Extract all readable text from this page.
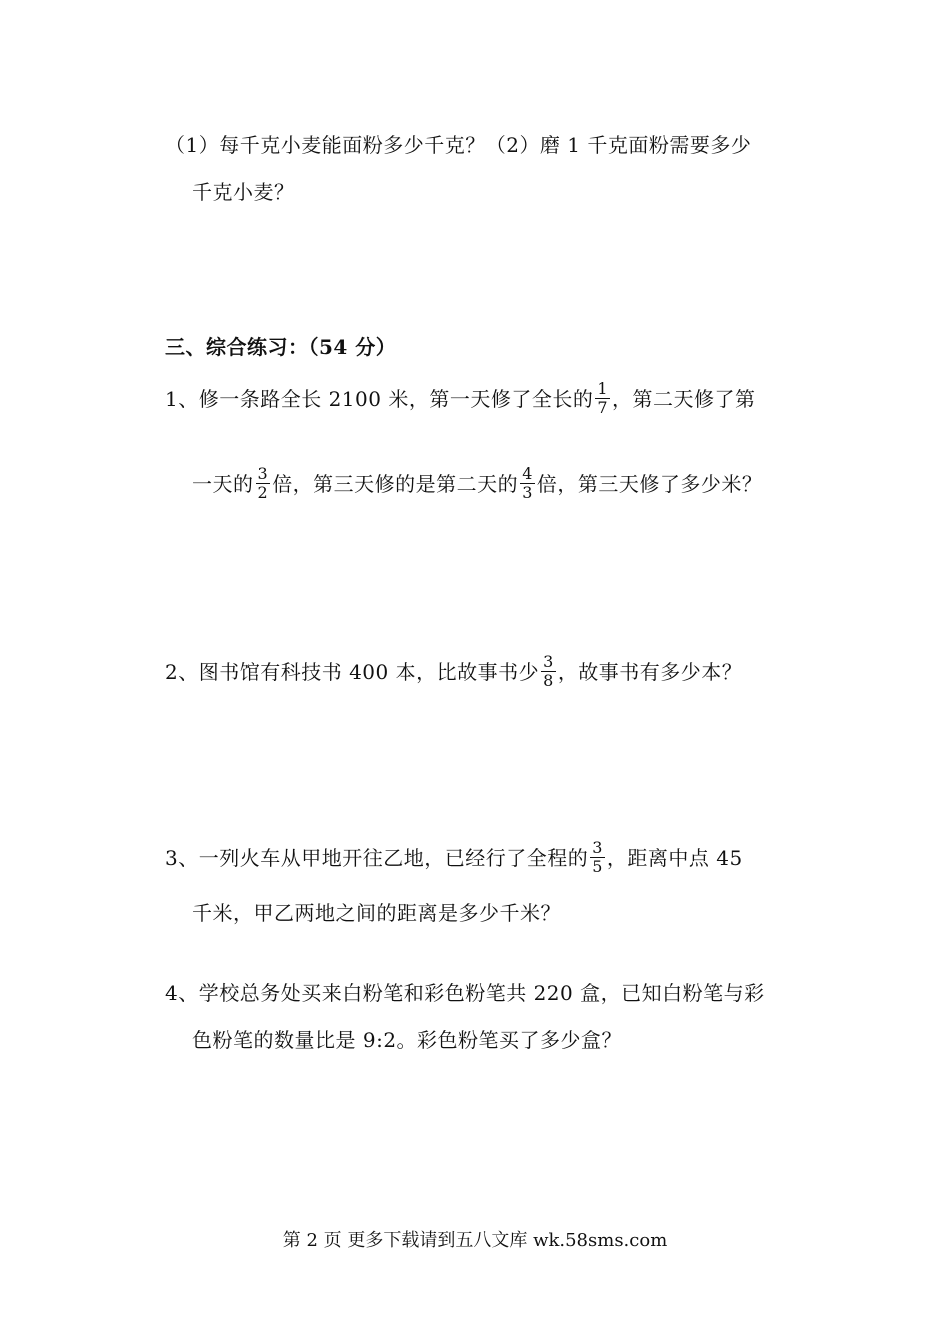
（1）每千克小麦能面粉多少千克？（2）磨 1 千克面粉需要多少
千克小麦？
三、综合练习：（54 分）
1、修一条路全长 2100 米，第一天修了全长的 $\frac{1}{7}$ ，第二天修了第
一天的 $\frac{3}{2}$ 倍，第三天修的是第二天的 $\frac{4}{3}$ 倍，第三天修了多少米？
2、图书馆有科技书 400 本，比故事书少 $\frac{3}{8}$ ，故事书有多少本？
3、一列火车从甲地开往乙地，已经行了全程的 $\frac{3}{5}$ ，距离中点 45
千米，甲乙两地之间的距离是多少千米？
4、学校总务处买来白粉笔和彩色粉笔共 220 盒，已知白粉笔与彩
色粉笔的数量比是 9:2。彩色粉笔买了多少盒？
第 2 页 更多下载请到五八文库 wk.58sms.com
